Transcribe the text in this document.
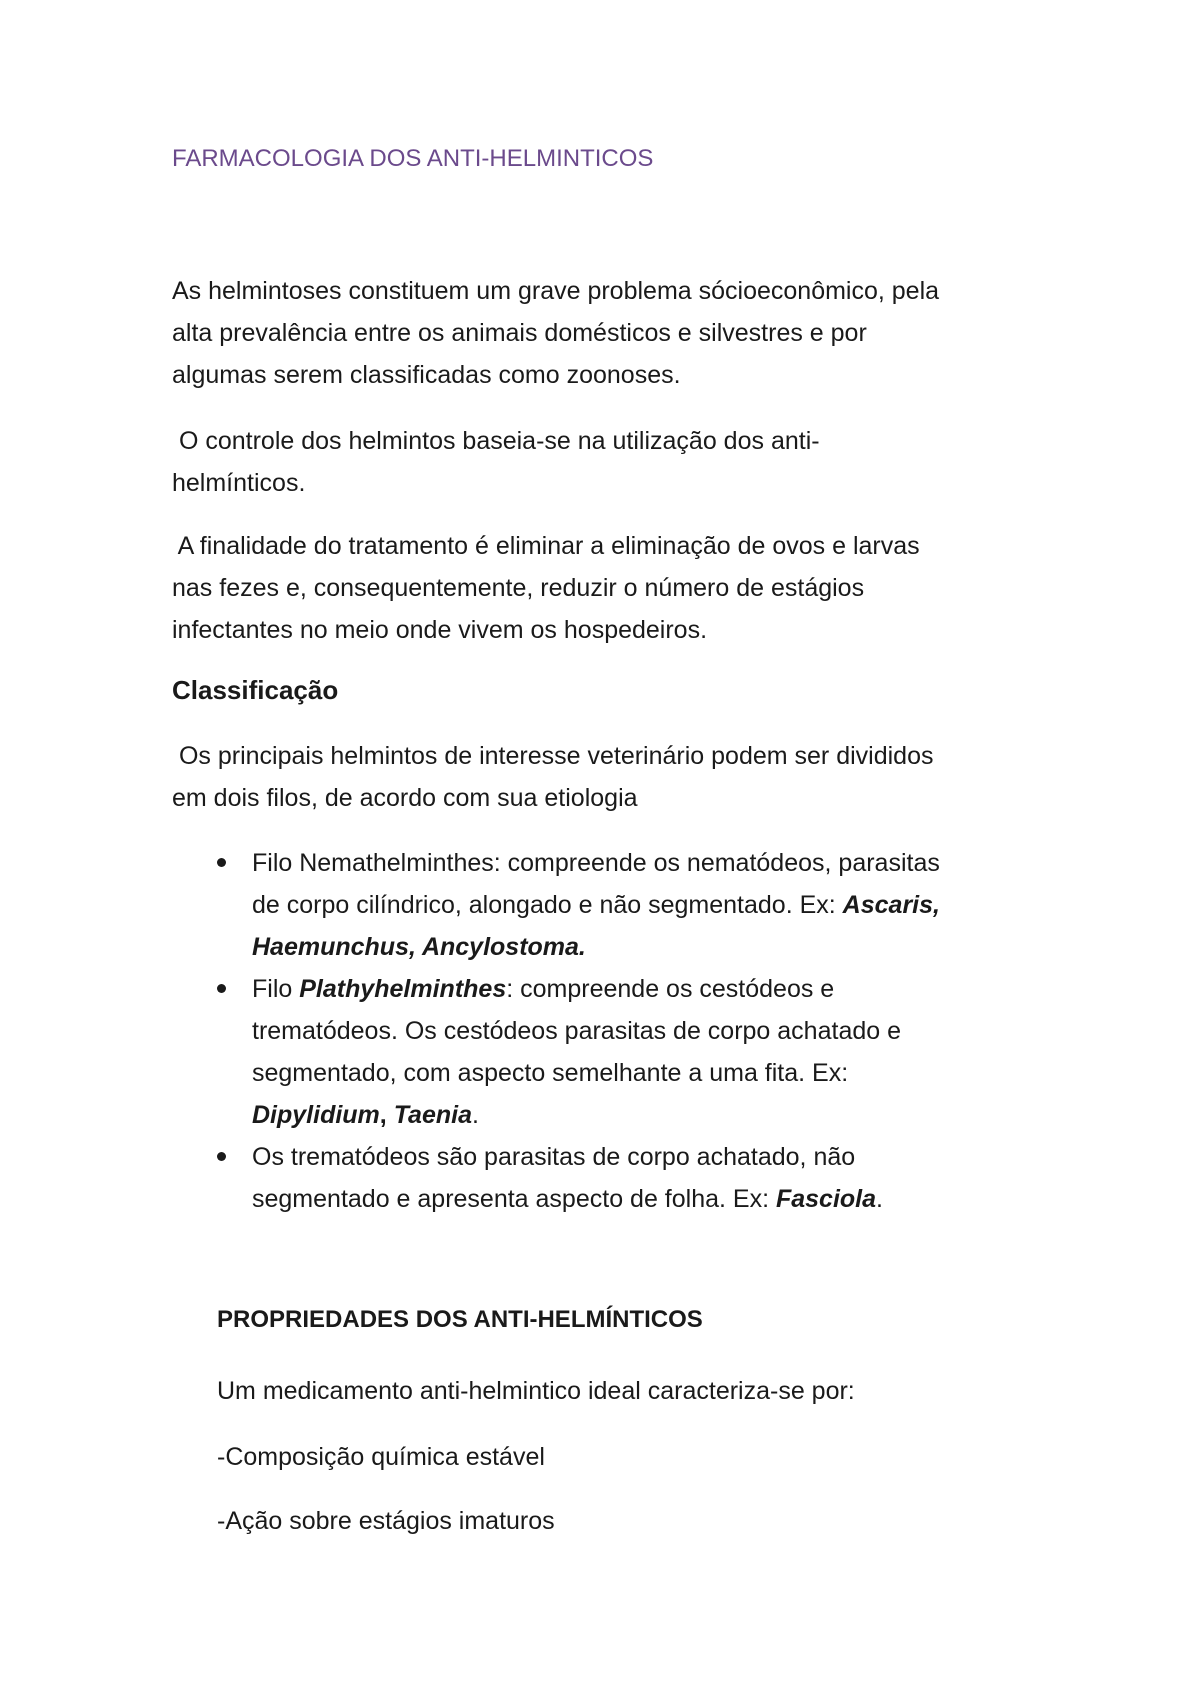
FARMACOLOGIA DOS ANTI-HELMINTICOS
As helmintoses constituem um grave problema sócioeconômico, pela
alta prevalência entre os animais domésticos e silvestres e por
algumas serem classificadas como zoonoses.
O controle dos helmintos baseia-se na utilização dos anti-
helmínticos.
A finalidade do tratamento é eliminar a eliminação de ovos e larvas
nas fezes e, consequentemente, reduzir o número de estágios
infectantes no meio onde vivem os hospedeiros.
Classificação
Os principais helmintos de interesse veterinário podem ser divididos
em dois filos, de acordo com sua etiologia
Filo Nemathelminthes: compreende os nematódeos, parasitas
de corpo cilíndrico, alongado e não segmentado. Ex: Ascaris,
Haemunchus, Ancylostoma.
Filo Plathyhelminthes: compreende os cestódeos e
trematódeos. Os cestódeos parasitas de corpo achatado e
segmentado, com aspecto semelhante a uma fita. Ex:
Dipylidium, Taenia.
Os trematódeos são parasitas de corpo achatado, não
segmentado e apresenta aspecto de folha. Ex: Fasciola.
PROPRIEDADES DOS ANTI-HELMÍNTICOS
Um medicamento anti-helmintico ideal caracteriza-se por:
-Composição química estável
-Ação sobre estágios imaturos
